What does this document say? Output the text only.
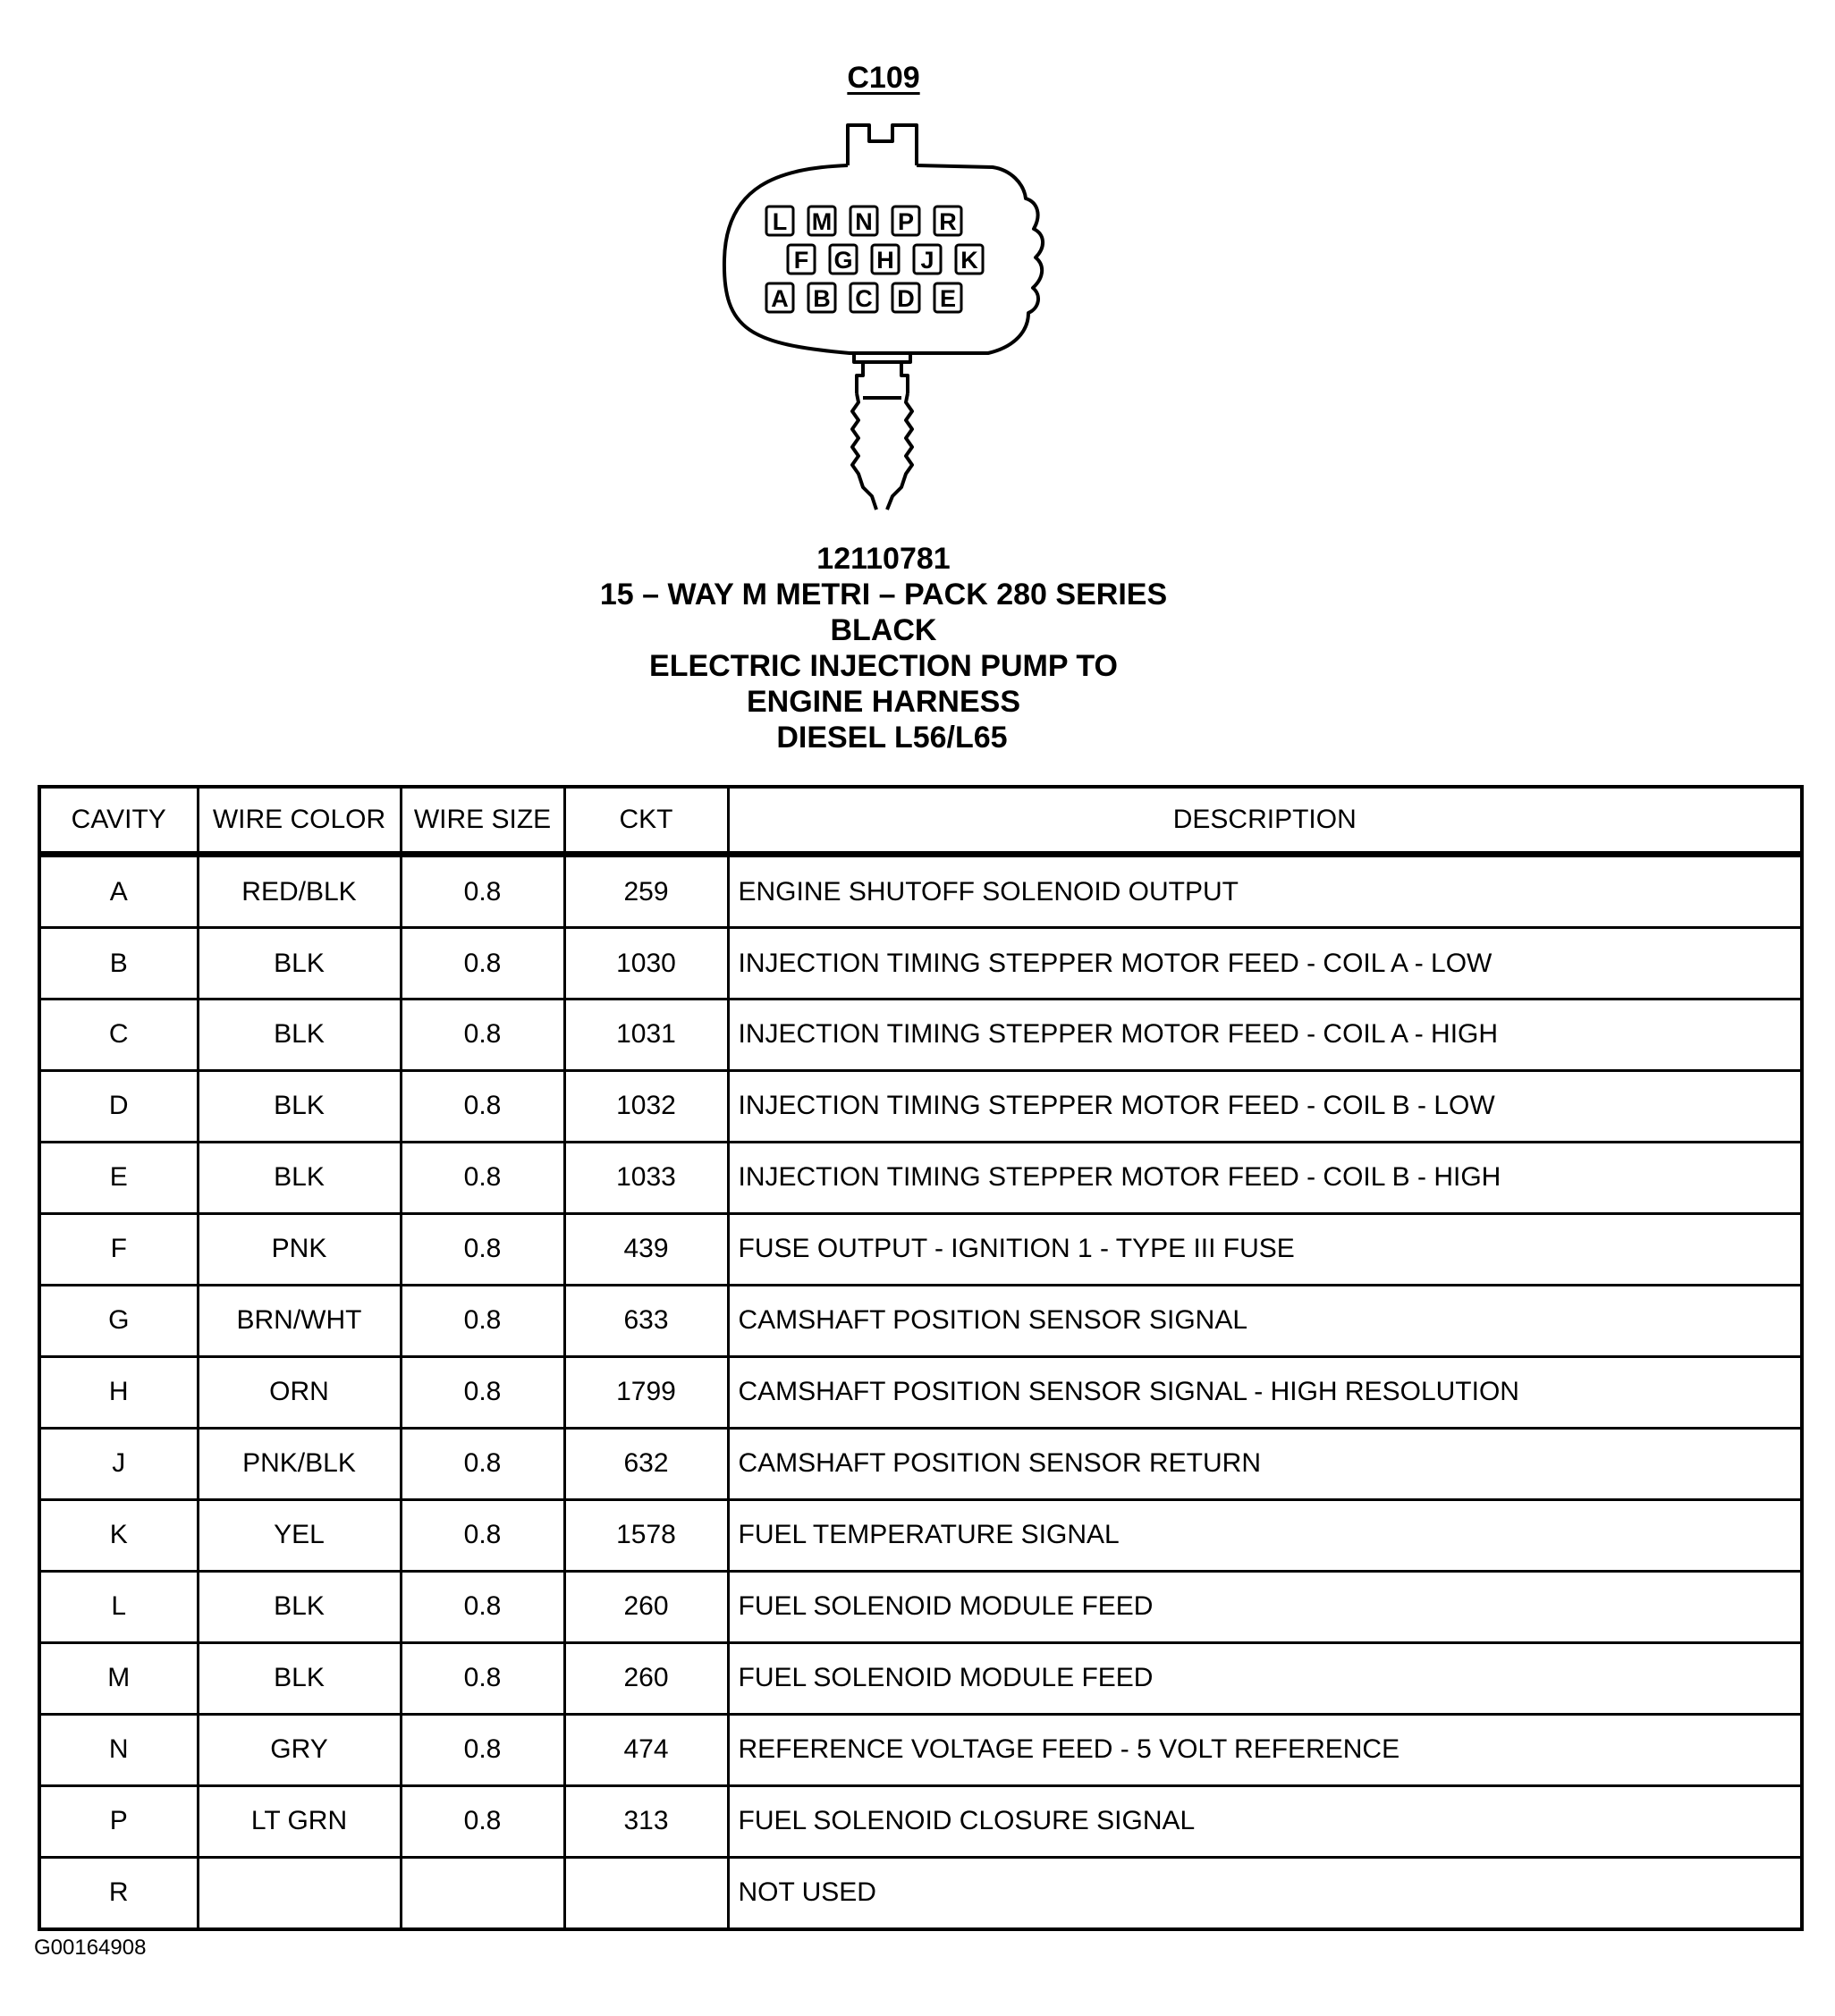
C109
L M N P R
F G H J K
A B C D E
12110781
15 – WAY M METRI – PACK 280 SERIES
BLACK
ELECTRIC INJECTION PUMP TO
ENGINE HARNESS
DIESEL L56/L65
CAVITY	WIRE COLOR	WIRE SIZE	CKT	DESCRIPTION
A	RED/BLK	0.8	259	ENGINE SHUTOFF SOLENOID OUTPUT
B	BLK	0.8	1030	INJECTION TIMING STEPPER MOTOR FEED - COIL A - LOW
C	BLK	0.8	1031	INJECTION TIMING STEPPER MOTOR FEED - COIL A - HIGH
D	BLK	0.8	1032	INJECTION TIMING STEPPER MOTOR FEED - COIL B - LOW
E	BLK	0.8	1033	INJECTION TIMING STEPPER MOTOR FEED - COIL B - HIGH
F	PNK	0.8	439	FUSE OUTPUT - IGNITION 1 - TYPE III FUSE
G	BRN/WHT	0.8	633	CAMSHAFT POSITION SENSOR SIGNAL
H	ORN	0.8	1799	CAMSHAFT POSITION SENSOR SIGNAL - HIGH RESOLUTION
J	PNK/BLK	0.8	632	CAMSHAFT POSITION SENSOR RETURN
K	YEL	0.8	1578	FUEL TEMPERATURE SIGNAL
L	BLK	0.8	260	FUEL SOLENOID MODULE FEED
M	BLK	0.8	260	FUEL SOLENOID MODULE FEED
N	GRY	0.8	474	REFERENCE VOLTAGE FEED - 5 VOLT REFERENCE
P	LT GRN	0.8	313	FUEL SOLENOID CLOSURE SIGNAL
R				NOT USED
G00164908
